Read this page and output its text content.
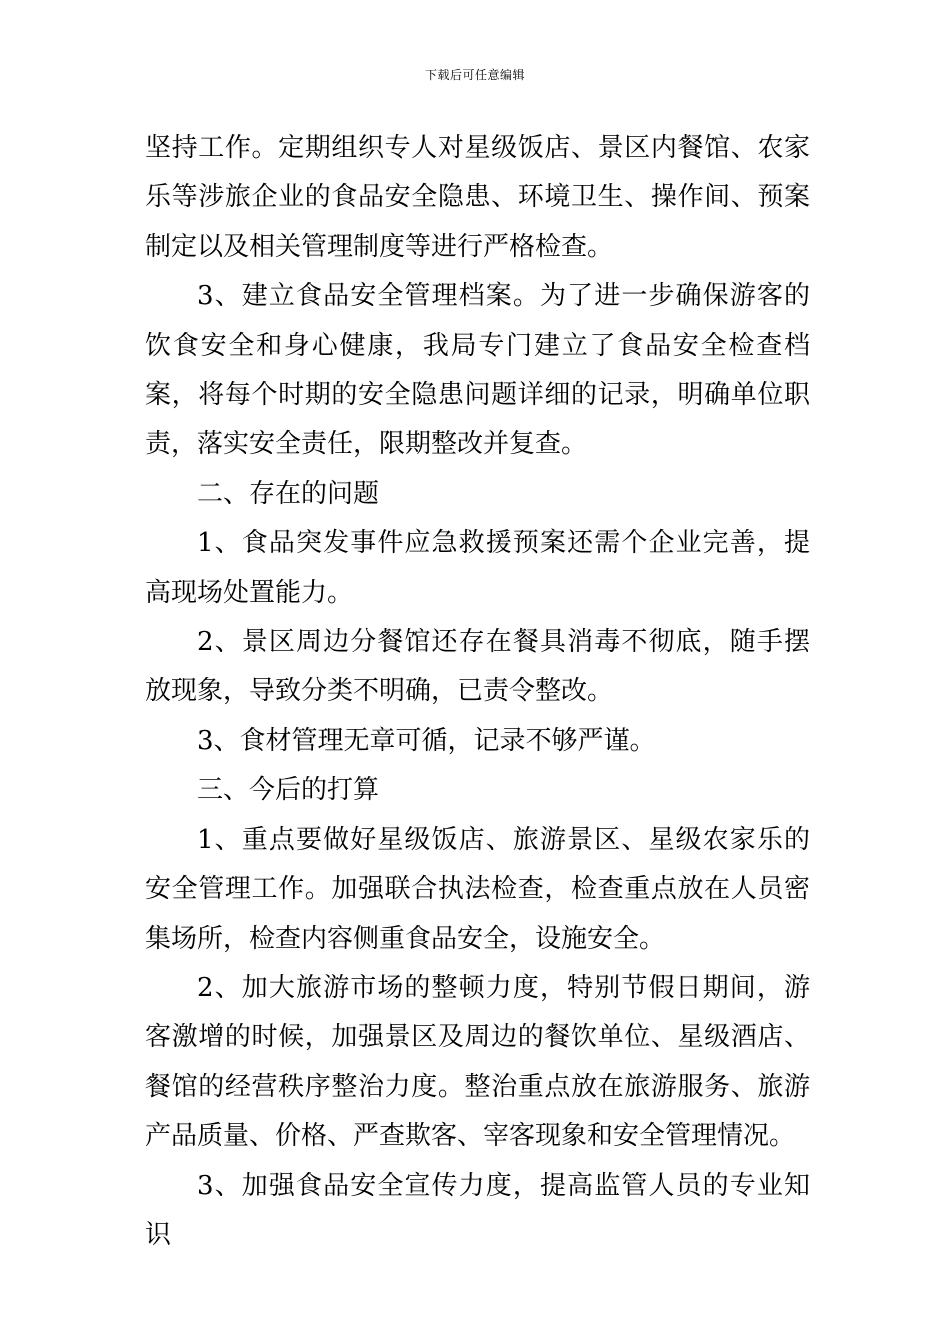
下载后可任意编辑

坚持工作。定期组织专人对星级饭店、景区内餐馆、农家乐等涉旅企业的食品安全隐患、环境卫生、操作间、预案制定以及相关管理制度等进行严格检查。

3、建立食品安全管理档案。为了进一步确保游客的饮食安全和身心健康，我局专门建立了食品安全检查档案，将每个时期的安全隐患问题详细的记录，明确单位职责，落实安全责任，限期整改并复查。

二、存在的问题

1、食品突发事件应急救援预案还需个企业完善，提高现场处置能力。

2、景区周边分餐馆还存在餐具消毒不彻底，随手摆放现象，导致分类不明确，已责令整改。

3、食材管理无章可循，记录不够严谨。

三、今后的打算

1、重点要做好星级饭店、旅游景区、星级农家乐的安全管理工作。加强联合执法检查，检查重点放在人员密集场所，检查内容侧重食品安全，设施安全。

2、加大旅游市场的整顿力度，特别节假日期间，游客激增的时候，加强景区及周边的餐饮单位、星级酒店、餐馆的经营秩序整治力度。整治重点放在旅游服务、旅游产品质量、价格、严查欺客、宰客现象和安全管理情况。

3、加强食品安全宣传力度，提高监管人员的专业知识
